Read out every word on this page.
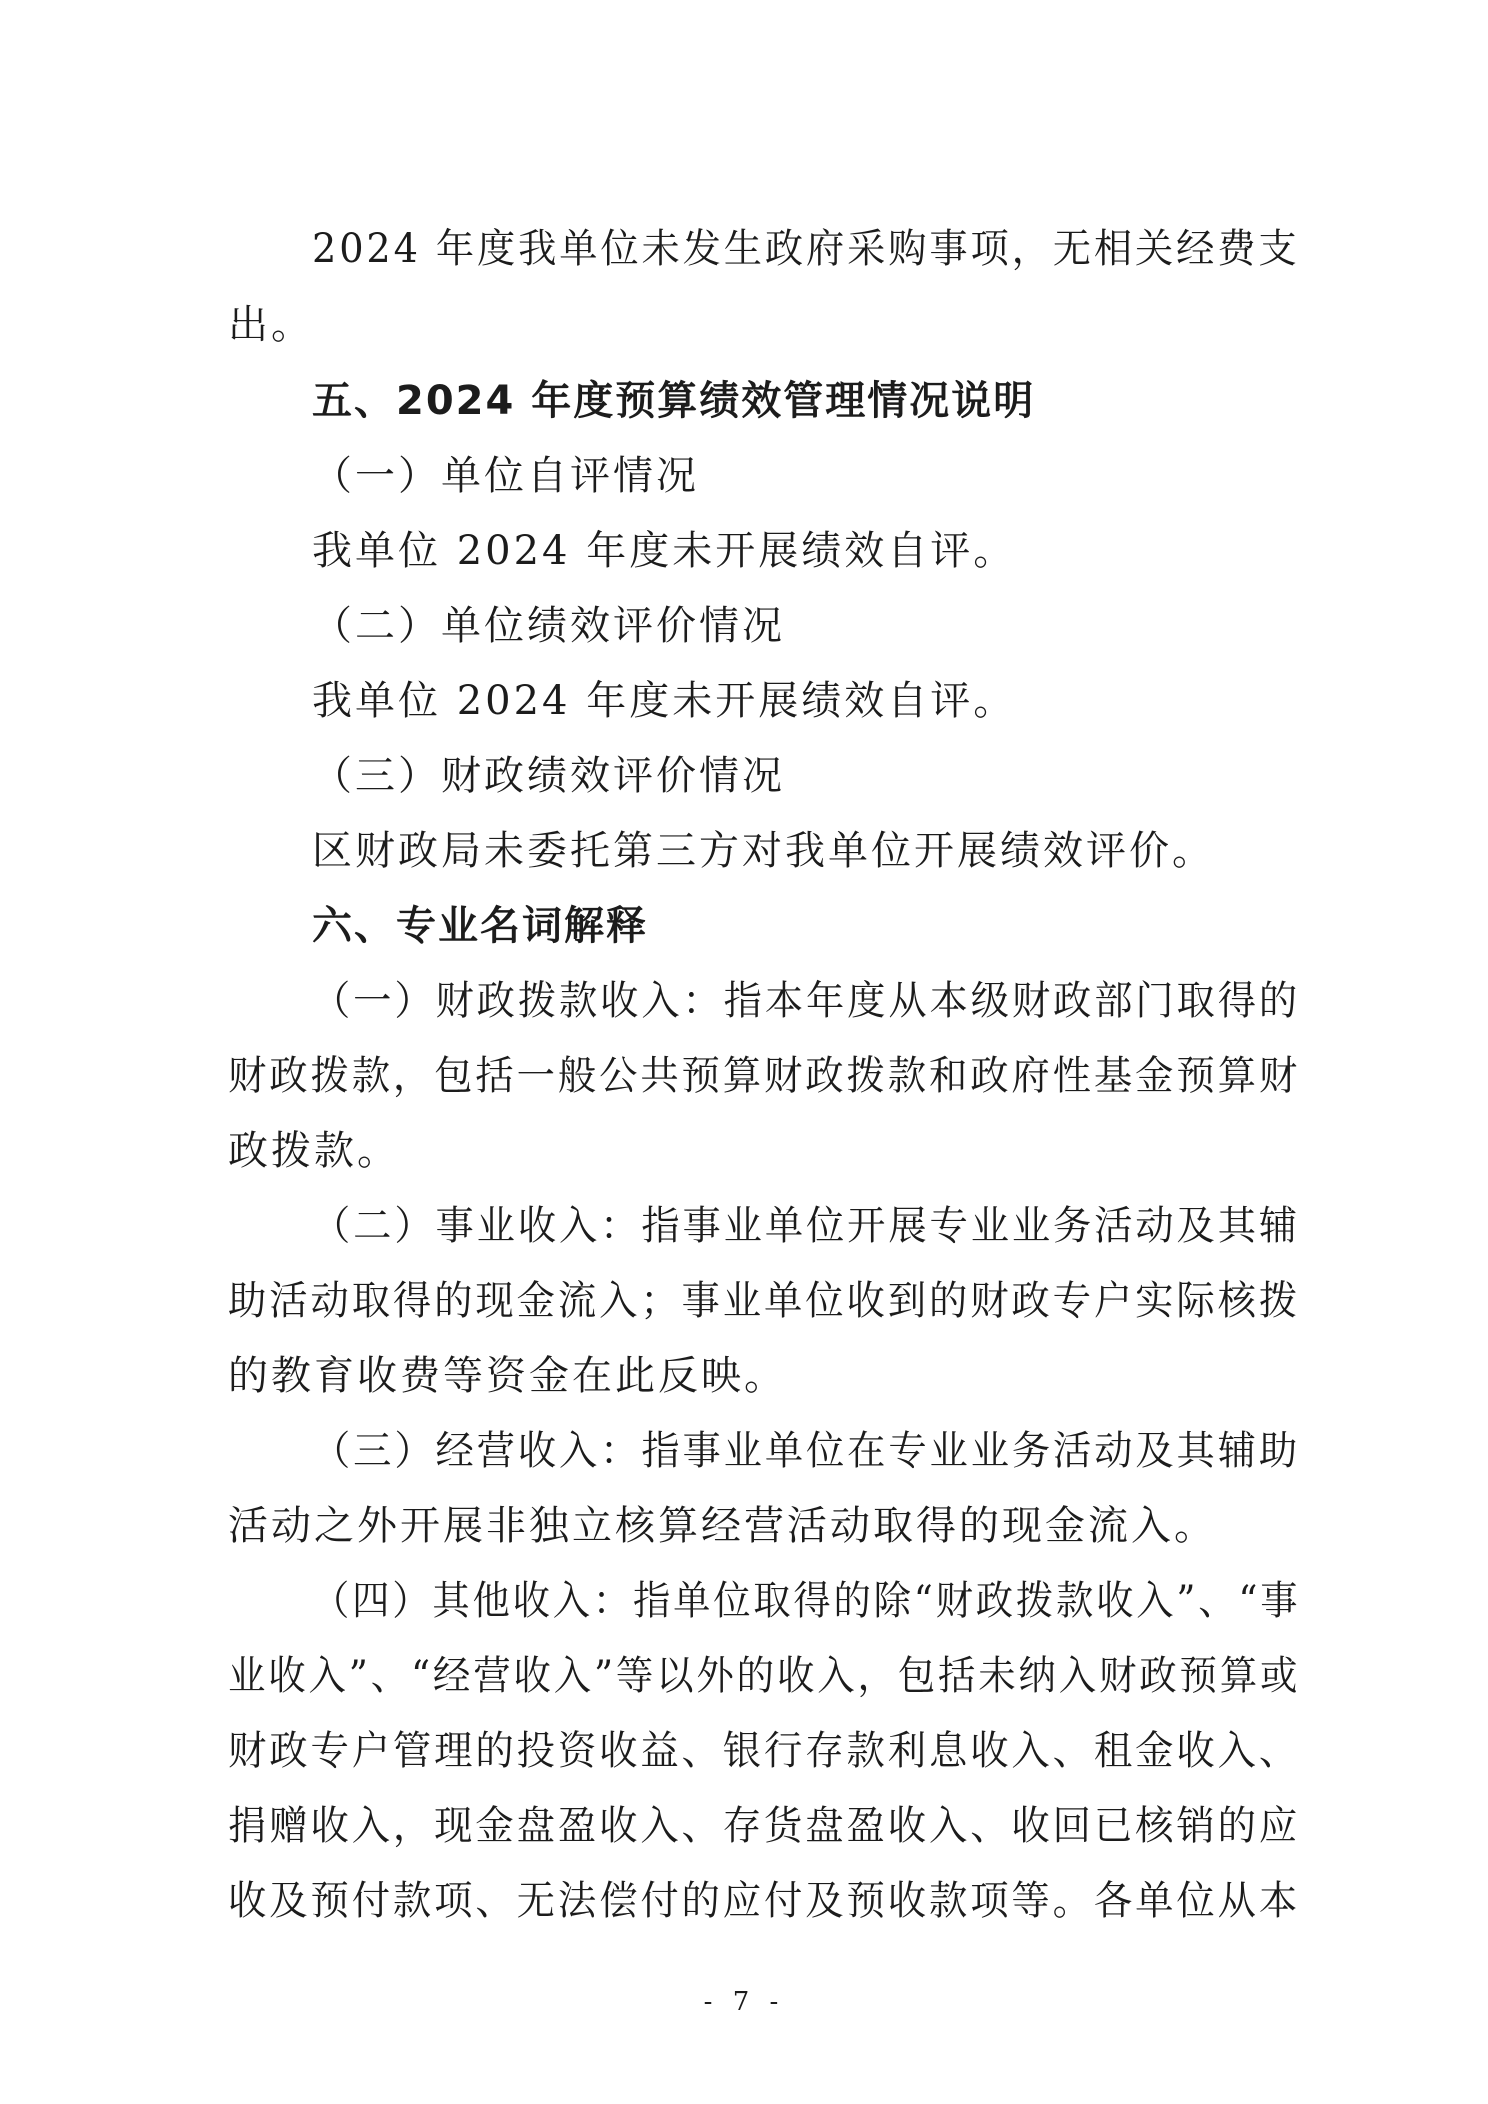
2024 年度我单位未发生政府采购事项，无相关经费支
出。
五、2024 年度预算绩效管理情况说明
（一）单位自评情况
我单位 2024 年度未开展绩效自评。
（二）单位绩效评价情况
我单位 2024 年度未开展绩效自评。
（三）财政绩效评价情况
区财政局未委托第三方对我单位开展绩效评价。
六、专业名词解释
（一）财政拨款收入：指本年度从本级财政部门取得的
财政拨款，包括一般公共预算财政拨款和政府性基金预算财
政拨款。
（二）事业收入：指事业单位开展专业业务活动及其辅
助活动取得的现金流入；事业单位收到的财政专户实际核拨
的教育收费等资金在此反映。
（三）经营收入：指事业单位在专业业务活动及其辅助
活动之外开展非独立核算经营活动取得的现金流入。
（四）其他收入：指单位取得的除“财政拨款收入”、“事
业收入”、“经营收入”等以外的收入，包括未纳入财政预算或
财政专户管理的投资收益、银行存款利息收入、租金收入、
捐赠收入，现金盘盈收入、存货盘盈收入、收回已核销的应
收及预付款项、无法偿付的应付及预收款项等。各单位从本
- 7 -
